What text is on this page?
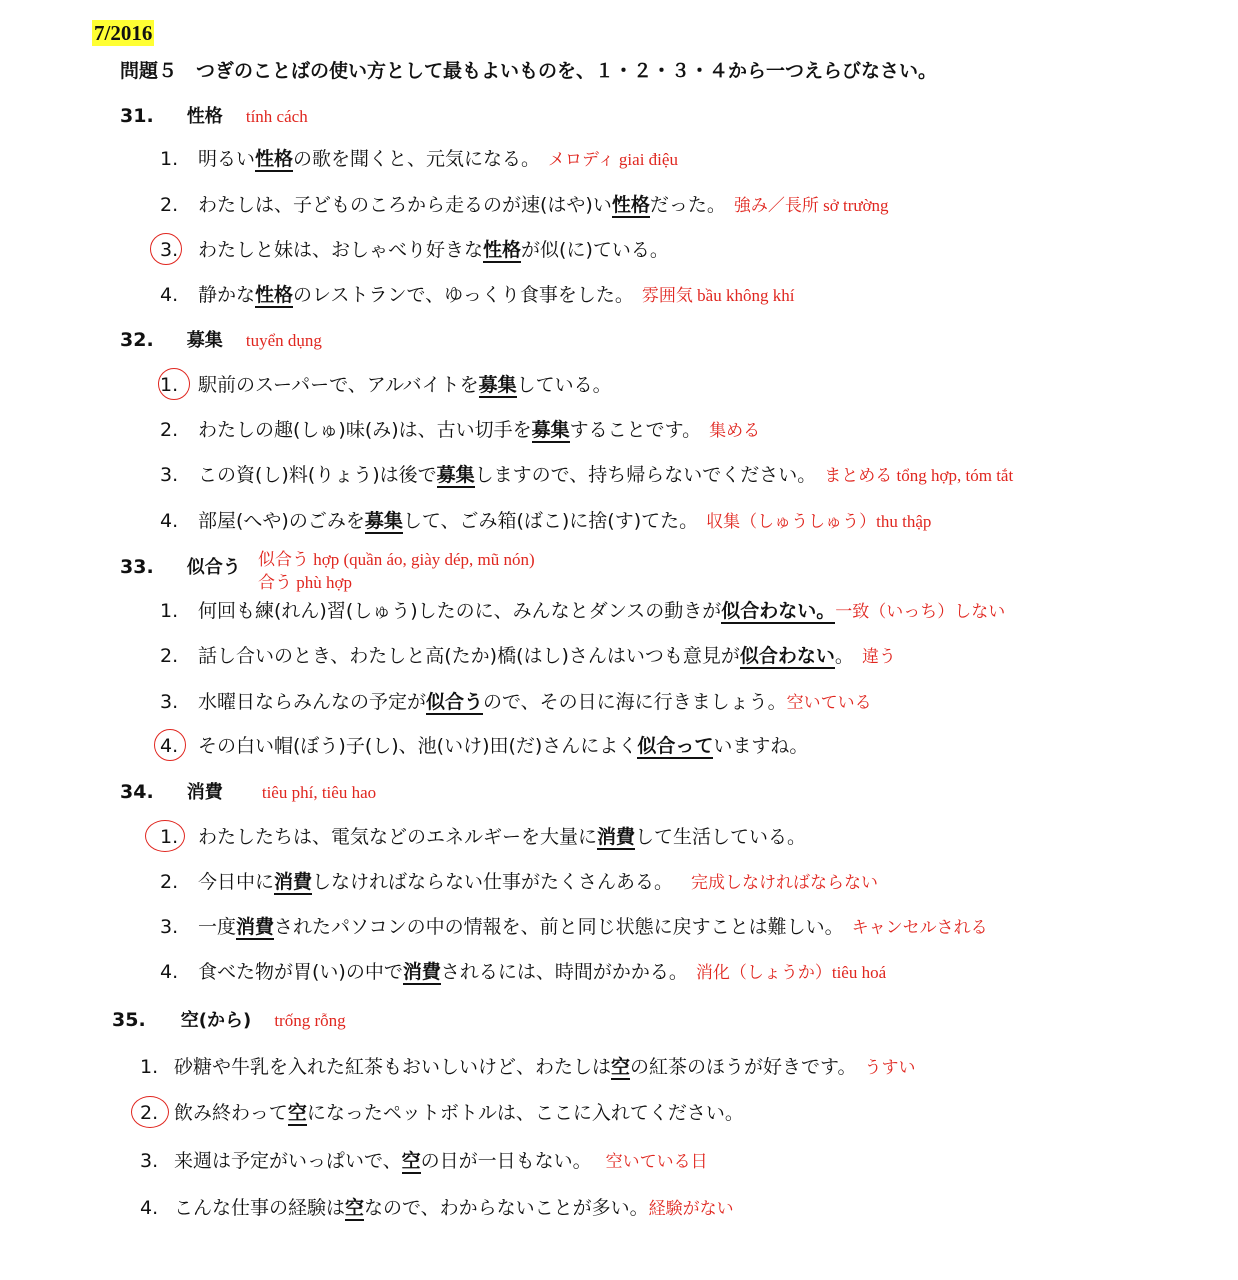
7/2016
問題５　つぎのことばの使い方として最もよいものを、１・２・３・４から一つえらびなさい。
31. 性格 tính cách
1. 明るい性格の歌を聞くと、元気になる。 メロディ giai điệu
2. わたしは、子どものころから走るのが速(はや)い性格だった。 強み／長所 sở trường
3. わたしと妹は、おしゃべり好きな性格が似(に)ている。
4. 静かな性格のレストランで、ゆっくり食事をした。 雰囲気 bầu không khí
32. 募集 tuyển dụng
1. 駅前のスーパーで、アルバイトを募集している。
2. わたしの趣(しゅ)味(み)は、古い切手を募集することです。 集める
3. この資(し)料(りょう)は後で募集しますので、持ち帰らないでください。 まとめる tổng hợp, tóm tắt
4. 部屋(へや)のごみを募集して、ごみ箱(ばこ)に捨(す)てた。 収集（しゅうしゅう）thu thập
33. 似合う 似合う hợp (quần áo, giày dép, mũ nón)
合う phù hợp
1. 何回も練(れん)習(しゅう)したのに、みんなとダンスの動きが似合わない。一致（いっち）しない
2. 話し合いのとき、わたしと高(たか)橋(はし)さんはいつも意見が似合わない。 違う
3. 水曜日ならみんなの予定が似合うので、その日に海に行きましょう。空いている
4. その白い帽(ぼう)子(し)、池(いけ)田(だ)さんによく似合っていますね。
34. 消費 tiêu phí, tiêu hao
1. わたしたちは、電気などのエネルギーを大量に消費して生活している。
2. 今日中に消費しなければならない仕事がたくさんある。 完成しなければならない
3. 一度消費されたパソコンの中の情報を、前と同じ状態に戻すことは難しい。 キャンセルされる
4. 食べた物が胃(い)の中で消費されるには、時間がかかる。 消化（しょうか）tiêu hoá
35. 空(から) trống rỗng
1. 砂糖や牛乳を入れた紅茶もおいしいけど、わたしは空の紅茶のほうが好きです。 うすい
2. 飲み終わって空になったペットボトルは、ここに入れてください。
3. 来週は予定がいっぱいで、空の日が一日もない。 空いている日
4. こんな仕事の経験は空なので、わからないことが多い。経験がない
